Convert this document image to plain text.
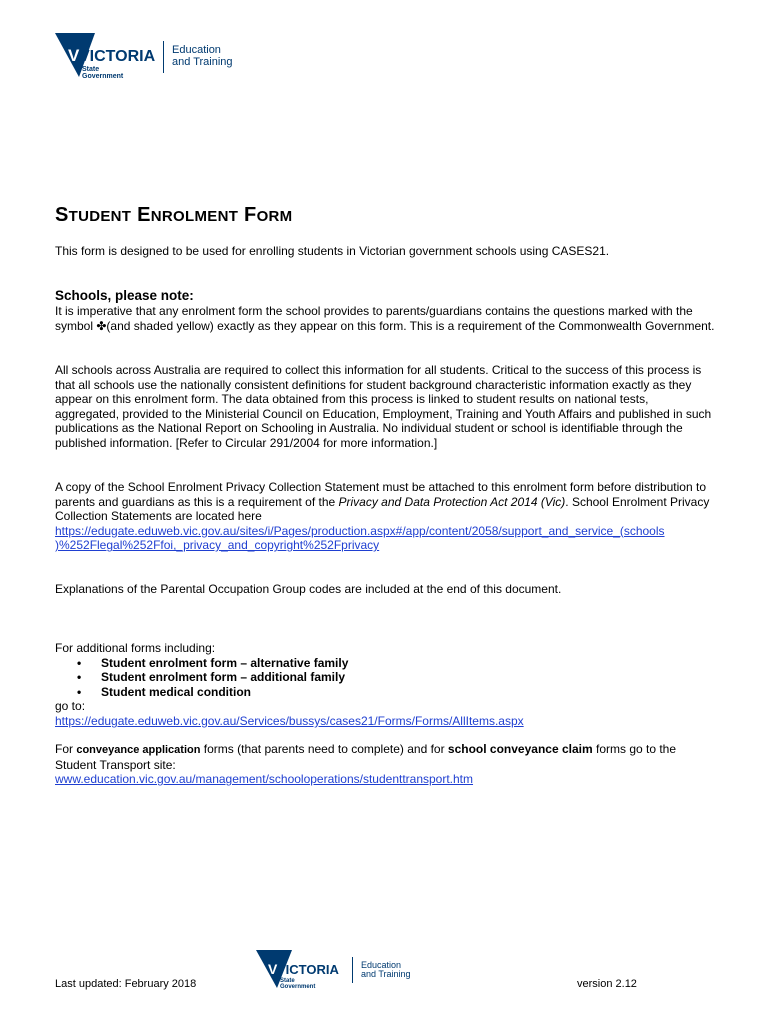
V VICTORIA
State
Government
Education
and Training
STUDENT ENROLMENT FORM
This form is designed to be used for enrolling students in Victorian government schools using CASES21.
Schools, please note:
It is imperative that any enrolment form the school provides to parents/guardians contains the questions marked with the symbol ✤(and shaded yellow) exactly as they appear on this form. This is a requirement of the Commonwealth Government.
All schools across Australia are required to collect this information for all students. Critical to the success of this process is that all schools use the nationally consistent definitions for student background characteristic information exactly as they appear on this enrolment form. The data obtained from this process is linked to student results on national tests, aggregated, provided to the Ministerial Council on Education, Employment, Training and Youth Affairs and published in such publications as the National Report on Schooling in Australia. No individual student or school is identifiable through the published information. [Refer to Circular 291/2004 for more information.]
A copy of the School Enrolment Privacy Collection Statement must be attached to this enrolment form before distribution to parents and guardians as this is a requirement of the Privacy and Data Protection Act 2014 (Vic). School Enrolment Privacy Collection Statements are located here
https://edugate.eduweb.vic.gov.au/sites/i/Pages/production.aspx#/app/content/2058/support_and_service_(schools
)%252Flegal%252Ffoi,_privacy_and_copyright%252Fprivacy
Explanations of the Parental Occupation Group codes are included at the end of this document.
For additional forms including:
• Student enrolment form – alternative family
• Student enrolment form – additional family
• Student medical condition
go to:
https://edugate.eduweb.vic.gov.au/Services/bussys/cases21/Forms/Forms/AllItems.aspx
For conveyance application forms (that parents need to complete) and for school conveyance claim forms go to the Student Transport site:
www.education.vic.gov.au/management/schooloperations/studenttransport.htm
V VICTORIA
State
Government
Education
and Training
Last updated: February 2018	version 2.12
